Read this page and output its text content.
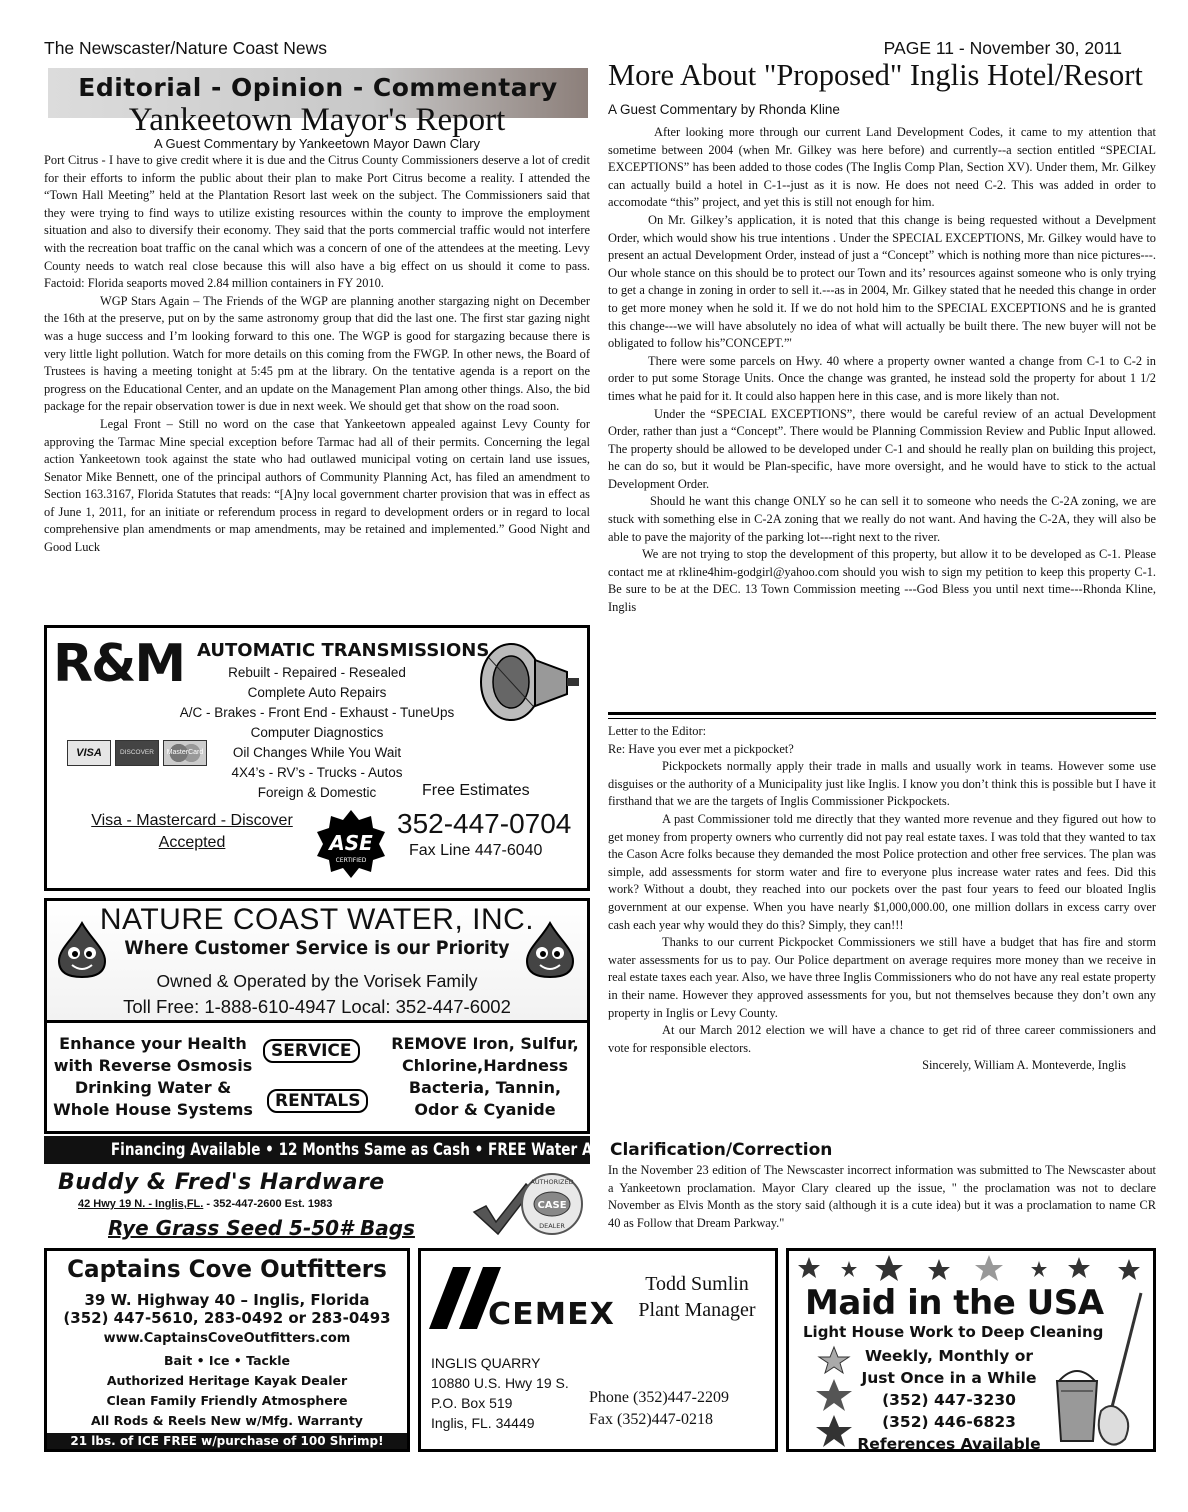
The Newscaster/Nature Coast News	PAGE 11 - November 30, 2011
Editorial - Opinion - Commentary
Yankeetown Mayor's Report
A Guest Commentary by Yankeetown Mayor Dawn Clary

Port Citrus - I have to give credit where it is due and the Citrus County Commissioners deserve a lot of credit for their efforts to inform the public about their plan to make Port Citrus become a reality. I attended the “Town Hall Meeting” held at the Plantation Resort last week on the subject. The Commissioners said that they were trying to find ways to utilize existing resources within the county to improve the employment situation and also to diversify their economy. They said that the ports commercial traffic would not interfere with the recreation boat traffic on the canal which was a concern of one of the attendees at the meeting. Levy County needs to watch real close because this will also have a big effect on us should it come to pass. Factoid: Florida seaports moved 2.84 million containers in FY 2010.

WGP Stars Again – The Friends of the WGP are planning another stargazing night on December the 16th at the preserve, put on by the same astronomy group that did the last one. The first star gazing night was a huge success and I’m looking forward to this one. The WGP is good for stargazing because there is very little light pollution. Watch for more details on this coming from the FWGP. In other news, the Board of Trustees is having a meeting tonight at 5:45 pm at the library. On the tentative agenda is a report on the progress on the Educational Center, and an update on the Management Plan among other things. Also, the bid package for the repair observation tower is due in next week. We should get that show on the road soon.

Legal Front – Still no word on the case that Yankeetown appealed against Levy County for approving the Tarmac Mine special exception before Tarmac had all of their permits. Concerning the legal action Yankeetown took against the state who had outlawed municipal voting on certain land use issues, Senator Mike Bennett, one of the principal authors of Community Planning Act, has filed an amendment to Section 163.3167, Florida Statutes that reads: “[A]ny local government charter provision that was in effect as of June 1, 2011, for an initiate or referendum process in regard to development orders or in regard to local comprehensive plan amendments or map amendments, may be retained and implemented.” Good Night and Good Luck

R&M AUTOMATIC TRANSMISSIONS
Rebuilt - Repaired - Resealed
Complete Auto Repairs
A/C - Brakes - Front End - Exhaust - TuneUps
Computer Diagnostics
Oil Changes While You Wait
4X4’s - RV’s - Trucks - Autos
Foreign & Domestic
VISA	DISCOVER	MasterCard
Free Estimates
Visa - Mastercard - Discover
Accepted	ASE
CERTIFIED
352-447-0704
Fax Line 447-6040
NATURE COAST WATER, INC.
Where Customer Service is our Priority
Owned & Operated by the Vorisek Family
Toll Free: 1-888-610-4947 Local: 352-447-6002
Enhance your Health
with Reverse Osmosis
Drinking Water &
Whole House Systems
SERVICE
RENTALS
REMOVE Iron, Sulfur,
Chlorine,Hardness
Bacteria, Tannin,
Odor & Cyanide
Financing Available • 12 Months Same as Cash • FREE Water Analysis
Buddy & Fred's Hardware
42 Hwy 19 N. - Inglis,FL. - 352-447-2600 Est. 1983
Rye Grass Seed 5-50# Bags
CASE
AUTHORIZED
DEALER
Captains Cove Outfitters
39 W. Highway 40 – Inglis, Florida
(352) 447-5610, 283-0492 or 283-0493
www.CaptainsCoveOutfitters.com
Bait • Ice • Tackle
Authorized Heritage Kayak Dealer
Clean Family Friendly Atmosphere
All Rods & Reels New w/Mfg. Warranty
21 lbs. of ICE FREE w/purchase of 100 Shrimp!
CEMEX
Todd Sumlin
Plant Manager
INGLIS QUARRY
10880 U.S. Hwy 19 S.
P.O. Box 519
Inglis, FL. 34449
Phone (352)447-2209
Fax (352)447-0218
Maid in the USA
Light House Work to Deep Cleaning
Weekly, Monthly or
Just Once in a While
(352) 447-3230
(352) 446-6823
References Available
More About "Proposed" Inglis Hotel/Resort
A Guest Commentary by Rhonda Kline

After looking more through our current Land Development Codes, it came to my attention that sometime between 2004 (when Mr. Gilkey was here before) and currently--a section entitled “SPECIAL EXCEPTIONS” has been added to those codes (The Inglis Comp Plan, Section XV). Under them, Mr. Gilkey can actually build a hotel in C-1--just as it is now. He does not need C-2. This was added in order to accomodate “this” project, and yet this is still not enough for him.

On Mr. Gilkey’s application, it is noted that this change is being requested without a Develpment Order, which would show his true intentions . Under the SPECIAL EXCEPTIONS, Mr. Gilkey would have to present an actual Development Order, instead of just a “Concept” which is nothing more than nice pictures---. Our whole stance on this should be to protect our Town and its’ resources against someone who is only trying to get a change in zoning in order to sell it.---as in 2004, Mr. Gilkey stated that he needed this change in order to get more money when he sold it. If we do not hold him to the SPECIAL EXCEPTIONS and he is granted this change---we will have absolutely no idea of what will actually be built there. The new buyer will not be obligated to follow his”CONCEPT.”'

There were some parcels on Hwy. 40 where a property owner wanted a change from C-1 to C-2 in order to put some Storage Units. Once the change was granted, he instead sold the property for about 1 1/2 times what he paid for it. It could also happen here in this case, and is more likely than not.

Under the “SPECIAL EXCEPTIONS”, there would be careful review of an actual Development Order, rather than just a “Concept”. There would be Planning Commission Review and Public Input allowed. The property should be allowed to be developed under C-1 and should he really plan on building this project, he can do so, but it would be Plan-specific, have more oversight, and he would have to stick to the actual Development Order.

Should he want this change ONLY so he can sell it to someone who needs the C-2A zoning, we are stuck with something else in C-2A zoning that we really do not want. And having the C-2A, they will also be able to pave the majority of the parking lot---right next to the river.

We are not trying to stop the development of this property, but allow it to be developed as C-1. Please contact me at rkline4him-godgirl@yahoo.com should you wish to sign my petition to keep this property C-1. Be sure to be at the DEC. 13 Town Commission meeting ---God Bless you until next time---Rhonda Kline, Inglis

Letter to the Editor:

Re: Have you ever met a pickpocket?

Pickpockets normally apply their trade in malls and usually work in teams. However some use disguises or the authority of a Municipality just like Inglis. I know you don’t think this is possible but I have it firsthand that we are the targets of Inglis Commissioner Pickpockets.

A past Commissioner told me directly that they wanted more revenue and they figured out how to get money from property owners who currently did not pay real estate taxes. I was told that they wanted to tax the Cason Acre folks because they demanded the most Police protection and other free services. The plan was simple, add assessments for storm water and fire to everyone plus increase water rates and fees. Did this work? Without a doubt, they reached into our pockets over the past four years to feed our bloated Inglis government at our expense. When you have nearly $1,000,000.00, one million dollars in excess carry over cash each year why would they do this? Simply, they can!!!

Thanks to our current Pickpocket Commissioners we still have a budget that has fire and storm water assessments for us to pay. Our Police department on average requires more money than we receive in real estate taxes each year. Also, we have three Inglis Commissioners who do not have any real estate property in their name. However they approved assessments for you, but not themselves because they don’t own any property in Inglis or Levy County.

At our March 2012 election we will have a chance to get rid of three career commissioners and vote for responsible electors.

Sincerely, William A. Monteverde, Inglis

Clarification/Correction

In the November 23 edition of The Newscaster incorrect information was submitted to The Newscaster about a Yankeetown proclamation. Mayor Clary cleared up the issue, " the proclamation was not to declare November as Elvis Month as the story said (although it is a cute idea) but it was a proclamation to name CR 40 as Follow that Dream Parkway."
